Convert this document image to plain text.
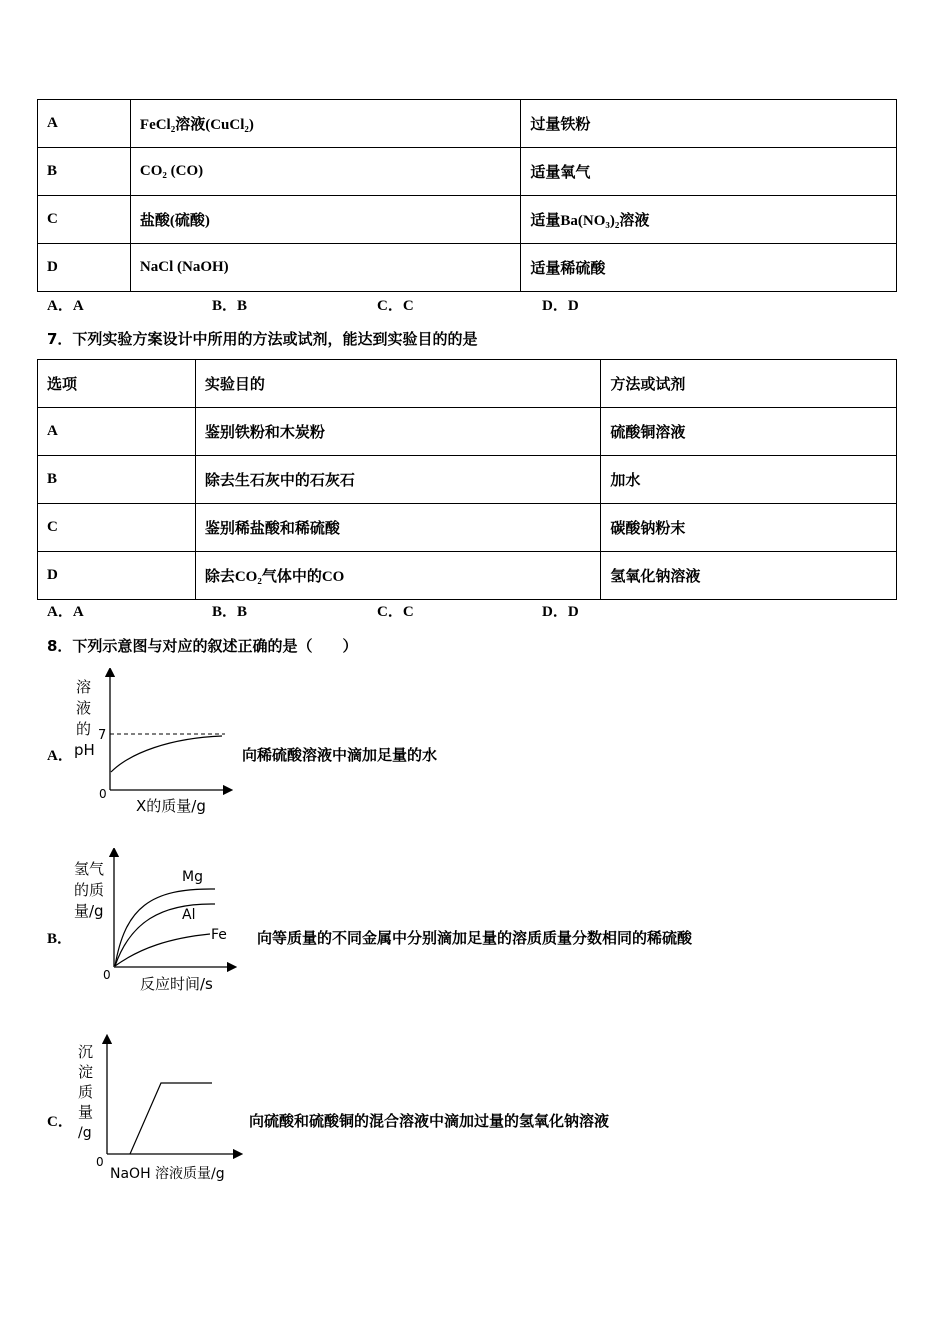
A	FeCl₂溶液(CuCl₂)	过量铁粉
B	CO₂ (CO)	适量氧气
C	盐酸(硫酸)	适量Ba(NO₃)₂溶液
D	NaCl (NaOH)	适量稀硫酸
A．A	B．B	C．C	D．D
7．下列实验方案设计中所用的方法或试剂，能达到实验目的的是
选项	实验目的	方法或试剂
A	鉴别铁粉和木炭粉	硫酸铜溶液
B	除去生石灰中的石灰石	加水
C	鉴别稀盐酸和稀硫酸	碳酸钠粉末
D	除去CO₂气体中的CO	氢氧化钠溶液
A．A	B．B	C．C	D．D
8．下列示意图与对应的叙述正确的是（　　）
A．
溶
液
的
pH
7
0
X的质量/g
向稀硫酸溶液中滴加足量的水
B．
Mg
Al
Fe
氢气
的质
量/g
0 反应时间/s
向等质量的不同金属中分别滴加足量的溶质质量分数相同的稀硫酸
C．
沉
淀
质
量
/g
0
NaOH 溶液质量/g
向硫酸和硫酸铜的混合溶液中滴加过量的氢氧化钠溶液
